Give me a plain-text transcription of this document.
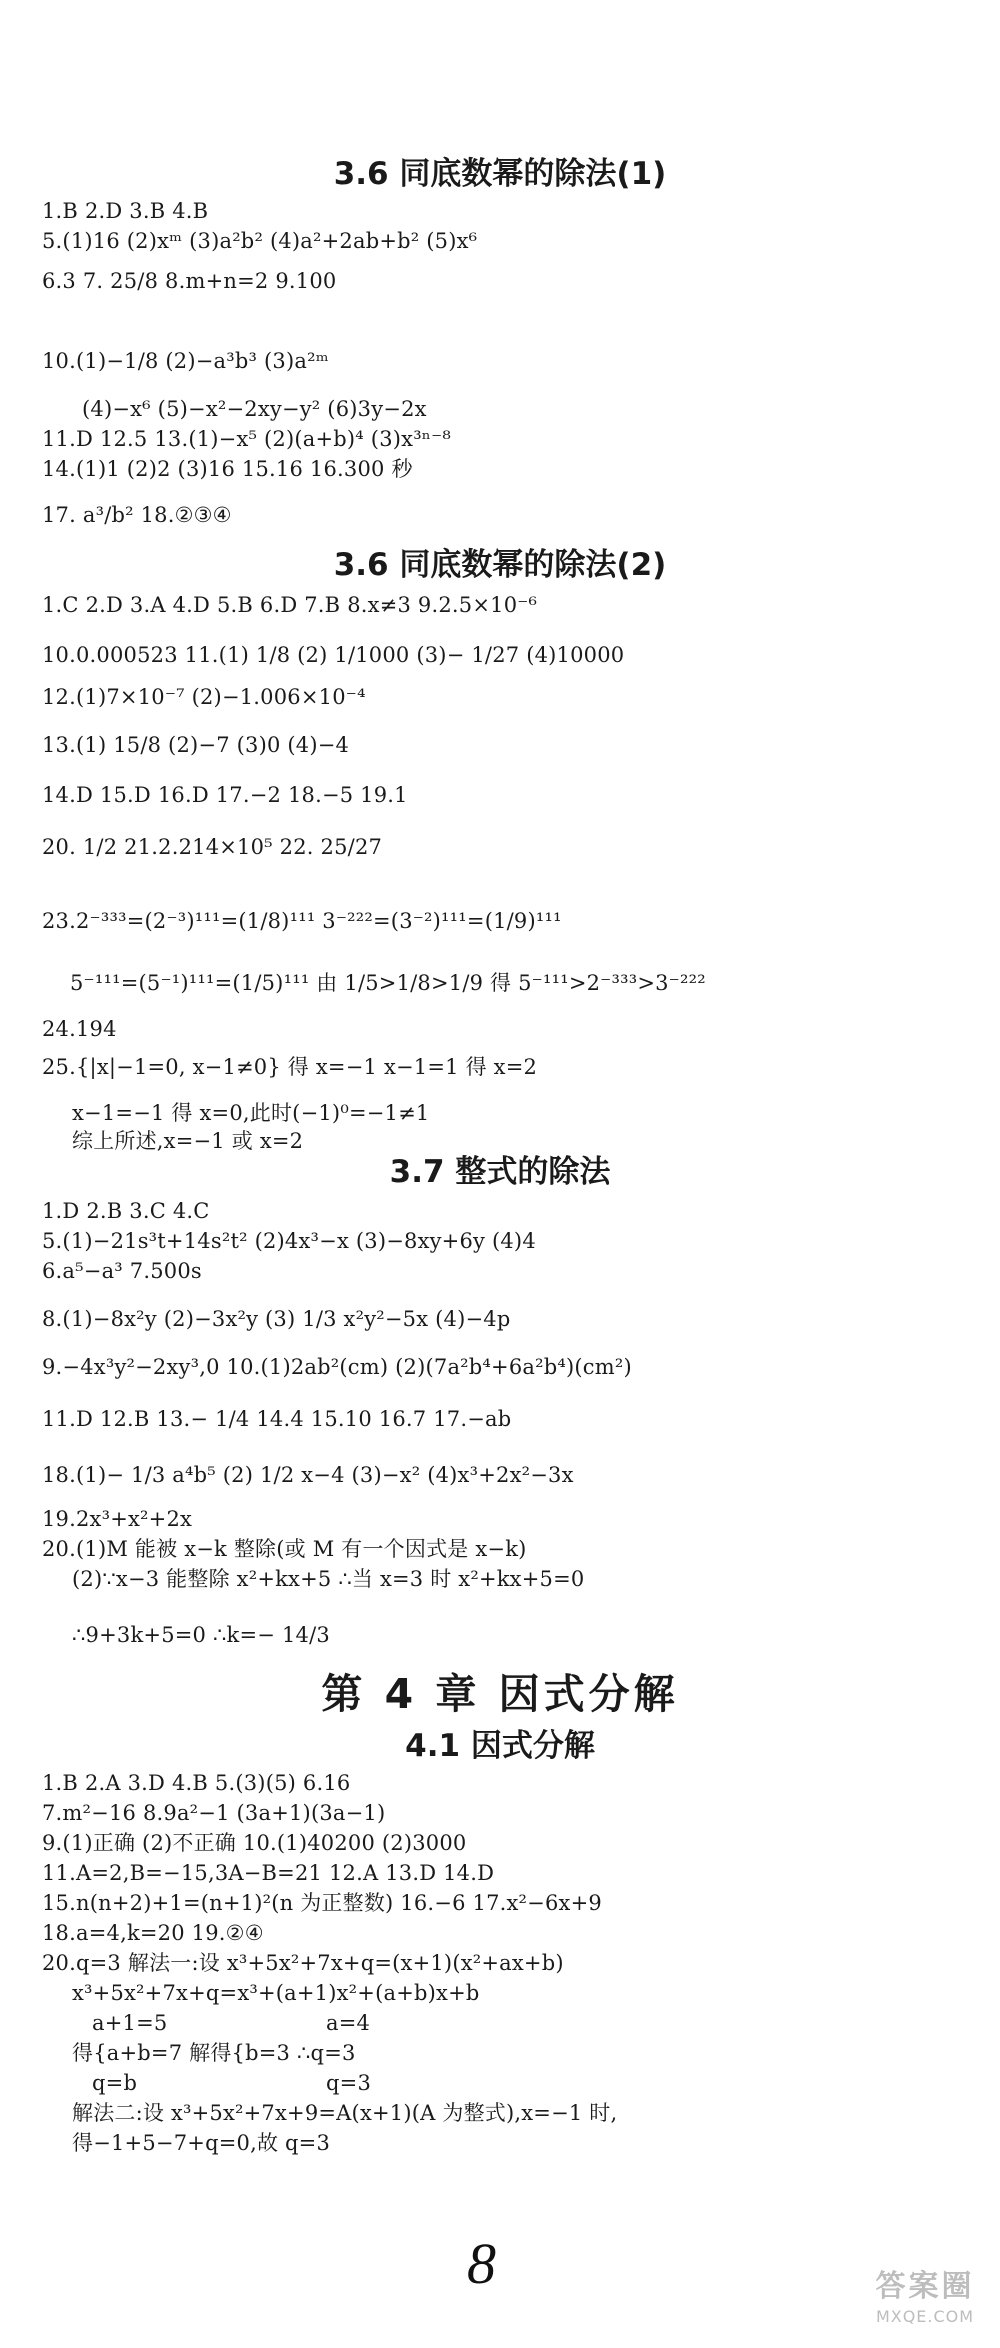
3.6 同底数幂的除法(1)
1.B 2.D 3.B 4.B
5.(1)16 (2)xᵐ (3)a²b² (4)a²+2ab+b² (5)x⁶
6.3 7. 25/8 8.m+n=2 9.100
10.(1)−1/8 (2)−a³b³ (3)a²ᵐ
(4)−x⁶ (5)−x²−2xy−y² (6)3y−2x
11.D 12.5 13.(1)−x⁵ (2)(a+b)⁴ (3)x³ⁿ⁻⁸
14.(1)1 (2)2 (3)16 15.16 16.300 秒
17. a³/b² 18.②③④
3.6 同底数幂的除法(2)
1.C 2.D 3.A 4.D 5.B 6.D 7.B 8.x≠3 9.2.5×10⁻⁶
10.0.000523 11.(1) 1/8 (2) 1/1000 (3)− 1/27 (4)10000
12.(1)7×10⁻⁷ (2)−1.006×10⁻⁴
13.(1) 15/8 (2)−7 (3)0 (4)−4
14.D 15.D 16.D 17.−2 18.−5 19.1
20. 1/2 21.2.214×10⁵ 22. 25/27
23.2⁻³³³=(2⁻³)¹¹¹=(1/8)¹¹¹ 3⁻²²²=(3⁻²)¹¹¹=(1/9)¹¹¹
5⁻¹¹¹=(5⁻¹)¹¹¹=(1/5)¹¹¹ 由 1/5>1/8>1/9 得 5⁻¹¹¹>2⁻³³³>3⁻²²²
24.194
25.{|x|−1=0, x−1≠0} 得 x=−1 x−1=1 得 x=2
x−1=−1 得 x=0,此时(−1)⁰=−1≠1
综上所述,x=−1 或 x=2
3.7 整式的除法
1.D 2.B 3.C 4.C
5.(1)−21s³t+14s²t² (2)4x³−x (3)−8xy+6y (4)4
6.a⁵−a³ 7.500s
8.(1)−8x²y (2)−3x²y (3) 1/3 x²y²−5x (4)−4p
9.−4x³y²−2xy³,0 10.(1)2ab²(cm) (2)(7a²b⁴+6a²b⁴)(cm²)
11.D 12.B 13.− 1/4 14.4 15.10 16.7 17.−ab
18.(1)− 1/3 a⁴b⁵ (2) 1/2 x−4 (3)−x² (4)x³+2x²−3x
19.2x³+x²+2x
20.(1)M 能被 x−k 整除(或 M 有一个因式是 x−k)
(2)∵x−3 能整除 x²+kx+5 ∴当 x=3 时 x²+kx+5=0
∴9+3k+5=0 ∴k=− 14/3
第 4 章 因式分解
4.1 因式分解
1.B 2.A 3.D 4.B 5.(3)(5) 6.16
7.m²−16 8.9a²−1 (3a+1)(3a−1)
9.(1)正确 (2)不正确 10.(1)40200 (2)3000
11.A=2,B=−15,3A−B=21 12.A 13.D 14.D
15.n(n+2)+1=(n+1)²(n 为正整数) 16.−6 17.x²−6x+9
18.a=4,k=20 19.②④
20.q=3 解法一:设 x³+5x²+7x+q=(x+1)(x²+ax+b)
x³+5x²+7x+q=x³+(a+1)x²+(a+b)x+b
a+1=5
得{a+b=7 解得{b=3 ∴q=3
q=b
a=4
q=3
解法二:设 x³+5x²+7x+9=A(x+1)(A 为整式),x=−1 时,
得−1+5−7+q=0,故 q=3
8	答案圈
MXQE.COM
